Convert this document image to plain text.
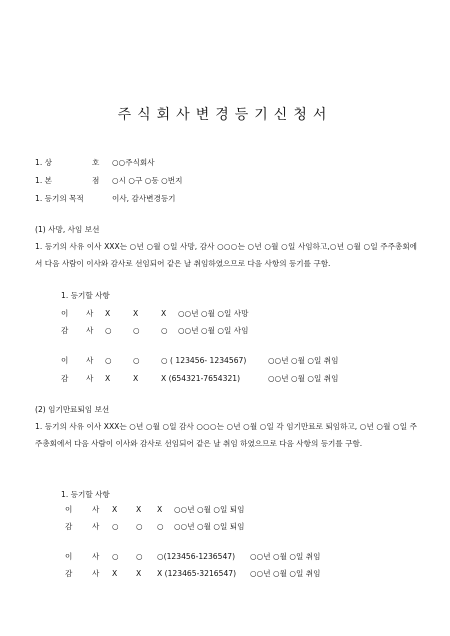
주식회사변경등기신청서
1. 상	호 ○○주식회사
1. 본	점 ○시 ○구 ○동 ○번지
1. 등기의 목적	이사, 감사변경등기
(1) 사망, 사임 보선
1. 등기의 사유 이사 XXX는 ○년 ○월 ○일 사망, 감사 ○○○는 ○년 ○월 ○일 사임하고,○년 ○월 ○일 주주총회에서 다음 사람이 이사와 감사로 선임되어 같은 날 취임하였으므로 다음 사항의 등기를 구함.
1. 등기할 사항
이 사 X	X	X ○○년 ○월 ○일 사망
감 사 ○	○	○ ○○년 ○월 ○일 사임
이 사 ○	○	○ ( 123456- 1234567)	○○년 ○월 ○일 취임
감 사 X	X	X (654321-7654321)	○○년 ○월 ○일 취임
(2) 임기만료퇴임 보선
1. 등기의 사유 이사 XXX는 ○년 ○월 ○일 감사 ○○○는 ○년 ○월 ○일 각 임기만료로 퇴임하고, ○년 ○월 ○일 주주총회에서 다음 사람이 이사와 감사로 선임되어 같은 날 취임 하였으므로 다음 사항의 등기를 구함.
1. 등기할 사항
이	사 X X X ○○년 ○월 ○일 퇴임
감	사 ○ ○ ○ ○○년 ○월 ○일 퇴임
이	사 ○ ○ ○(123456-1236547) ○○년 ○월 ○일 취임
감	사 X X X (123465-3216547) ○○년 ○월 ○일 취임
